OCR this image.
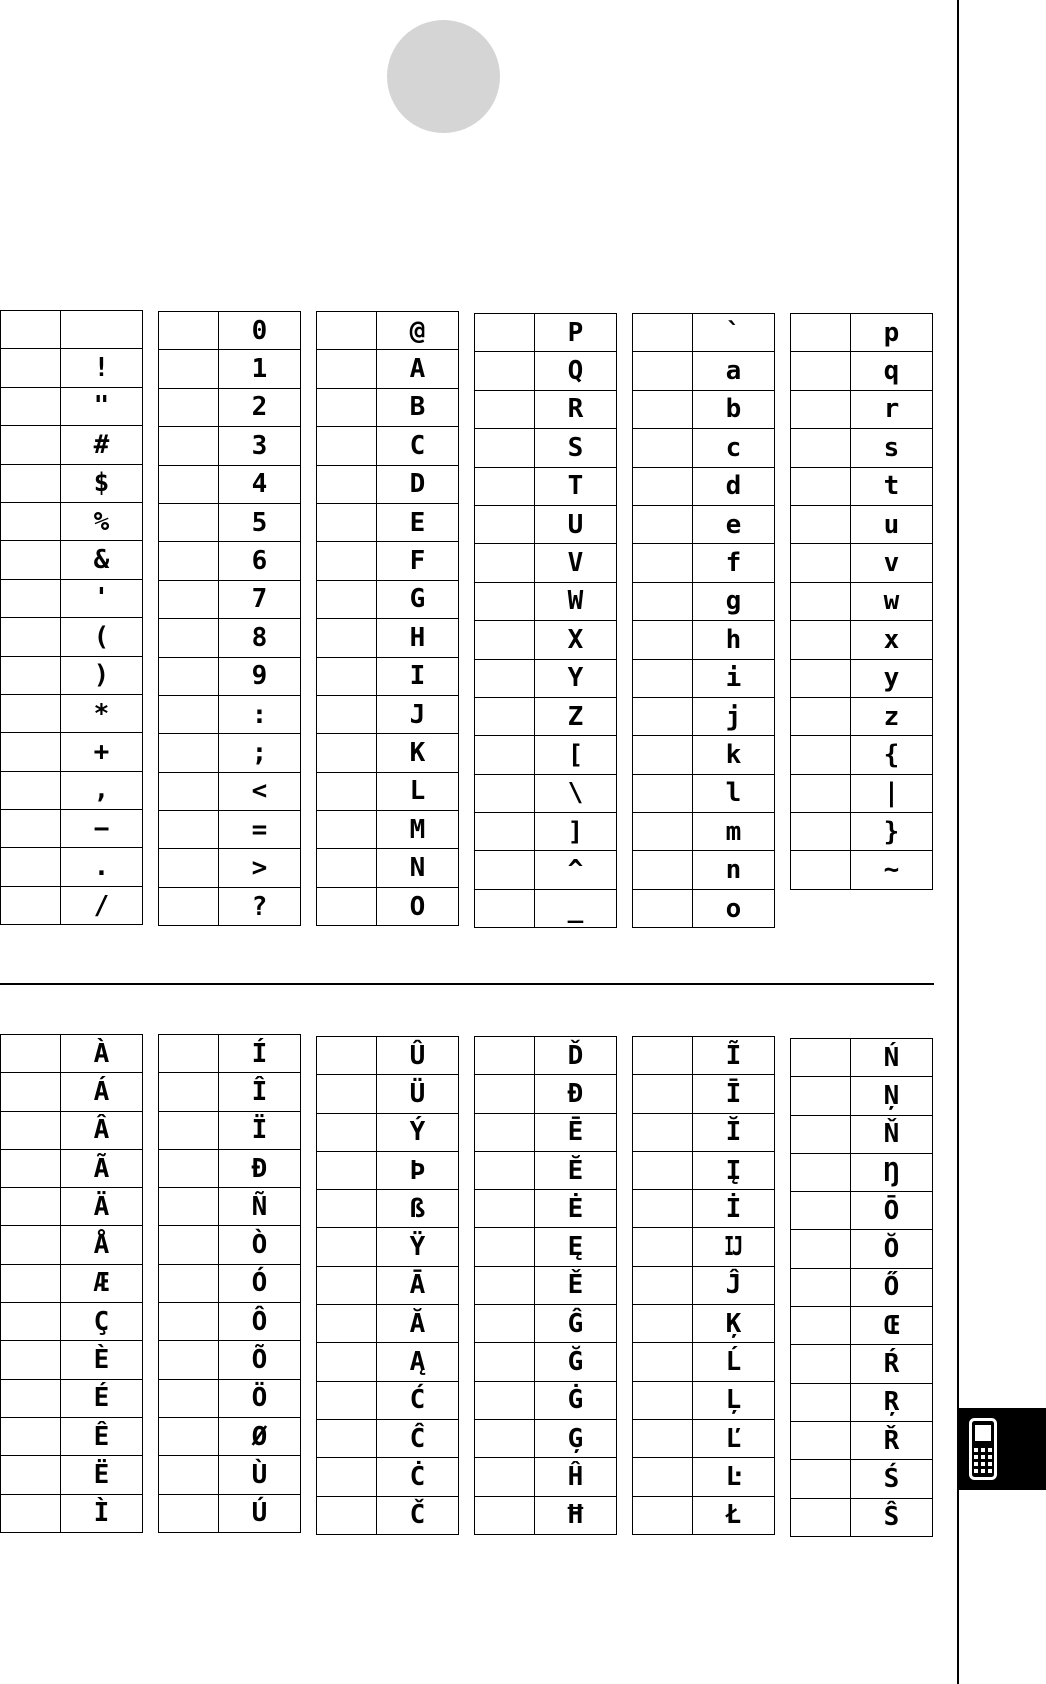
	!
	"
	#
	$
	%
	&
	'
	(
	)
	*
	+
	,
	−
	.
	/
	0
	1
	2
	3
	4
	5
	6
	7
	8
	9
	:
	;
	<
	=
	>
	?
	@
	A
	B
	C
	D
	E
	F
	G
	H
	I
	J
	K
	L
	M
	N
	O
	P
	Q
	R
	S
	T
	U
	V
	W
	X
	Y
	Z
	[
	\
	]
	^
	_
	`
	a
	b
	c
	d
	e
	f
	g
	h
	i
	j
	k
	l
	m
	n
	o
	p
	q
	r
	s
	t
	u
	v
	w
	x
	y
	z
	{
	|
	}
	~
	À
	Á
	Â
	Ã
	Ä
	Å
	Æ
	Ç
	È
	É
	Ê
	Ë
	Ì
	Í
	Î
	Ï
	Ð
	Ñ
	Ò
	Ó
	Ô
	Õ
	Ö
	Ø
	Ù
	Ú
	Û
	Ü
	Ý
	Þ
	ß
	Ÿ
	Ā
	Ă
	Ą
	Ć
	Ĉ
	Ċ
	Č
	Ď
	Đ
	Ē
	Ĕ
	Ė
	Ę
	Ě
	Ĝ
	Ğ
	Ġ
	Ģ
	Ĥ
	Ħ
	Ĩ
	Ī
	Ĭ
	Į
	İ
	Ĳ
	Ĵ
	Ķ
	Ĺ
	Ļ
	Ľ
	Ŀ
	Ł
	Ń
	Ņ
	Ň
	Ŋ
	Ō
	Ŏ
	Ő
	Œ
	Ŕ
	Ŗ
	Ř
	Ś
	Ŝ
